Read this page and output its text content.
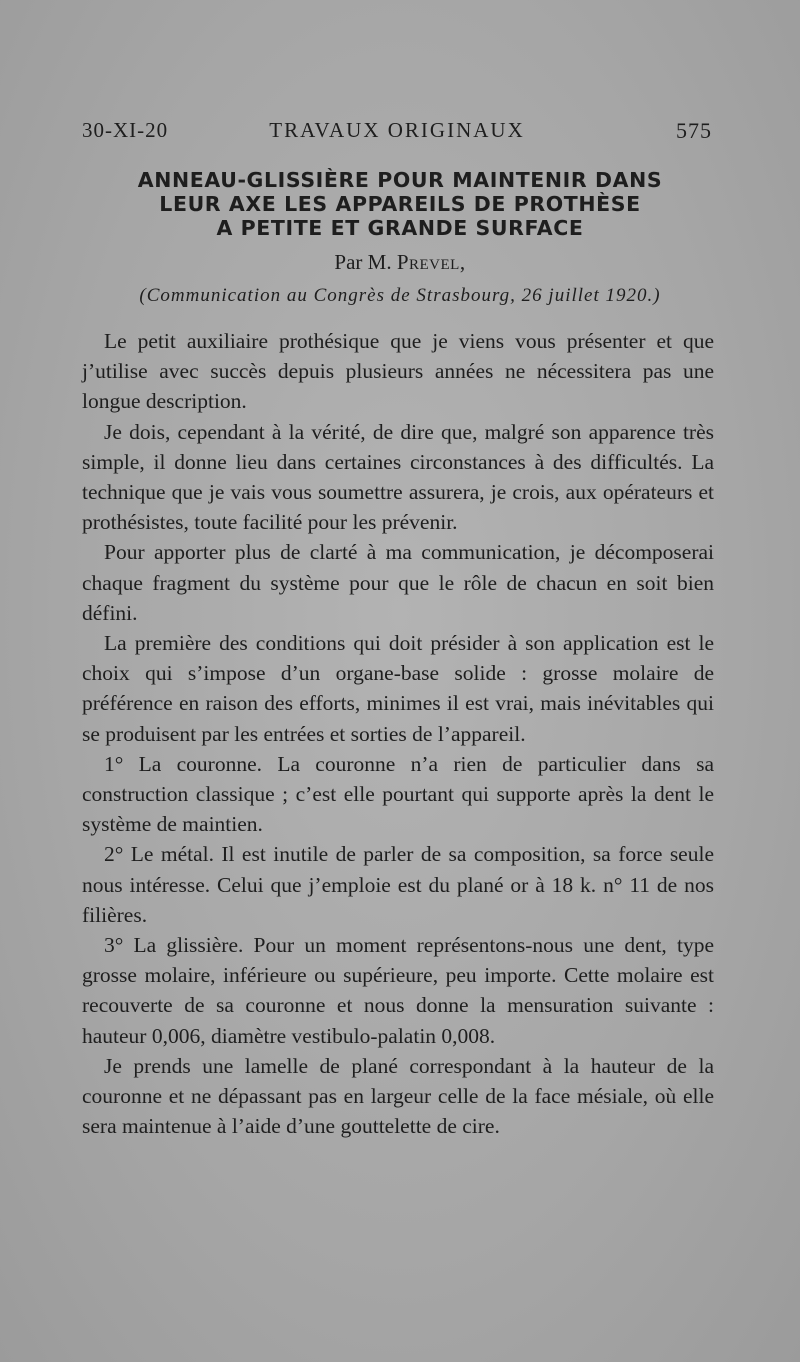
30-XI-20	TRAVAUX ORIGINAUX	575
ANNEAU-GLISSIÈRE POUR MAINTENIR DANS
LEUR AXE LES APPAREILS DE PROTHÈSE
A PETITE ET GRANDE SURFACE
Par M. Prevel,
(Communication au Congrès de Strasbourg, 26 juillet 1920.)

Le petit auxiliaire prothésique que je viens vous présenter et que j’utilise avec succès depuis plusieurs années ne nécessitera pas une longue description.

Je dois, cependant à la vérité, de dire que, malgré son apparence très simple, il donne lieu dans certaines circonstances à des difficultés. La technique que je vais vous soumettre assurera, je crois, aux opérateurs et prothésistes, toute facilité pour les prévenir.

Pour apporter plus de clarté à ma communication, je décomposerai chaque fragment du système pour que le rôle de chacun en soit bien défini.

La première des conditions qui doit présider à son application est le choix qui s’impose d’un organe-base solide : grosse molaire de préférence en raison des efforts, minimes il est vrai, mais inévitables qui se produisent par les entrées et sorties de l’appareil.

1° La couronne. La couronne n’a rien de particulier dans sa construction classique ; c’est elle pourtant qui supporte après la dent le système de maintien.

2° Le métal. Il est inutile de parler de sa composition, sa force seule nous intéresse. Celui que j’emploie est du plané or à 18 k. n° 11 de nos filières.

3° La glissière. Pour un moment représentons-nous une dent, type grosse molaire, inférieure ou supérieure, peu importe. Cette molaire est recouverte de sa couronne et nous donne la mensuration suivante : hauteur 0,006, diamètre vestibulo-palatin 0,008.

Je prends une lamelle de plané correspondant à la hauteur de la couronne et ne dépassant pas en largeur celle de la face mésiale, où elle sera maintenue à l’aide d’une gouttelette de cire.
